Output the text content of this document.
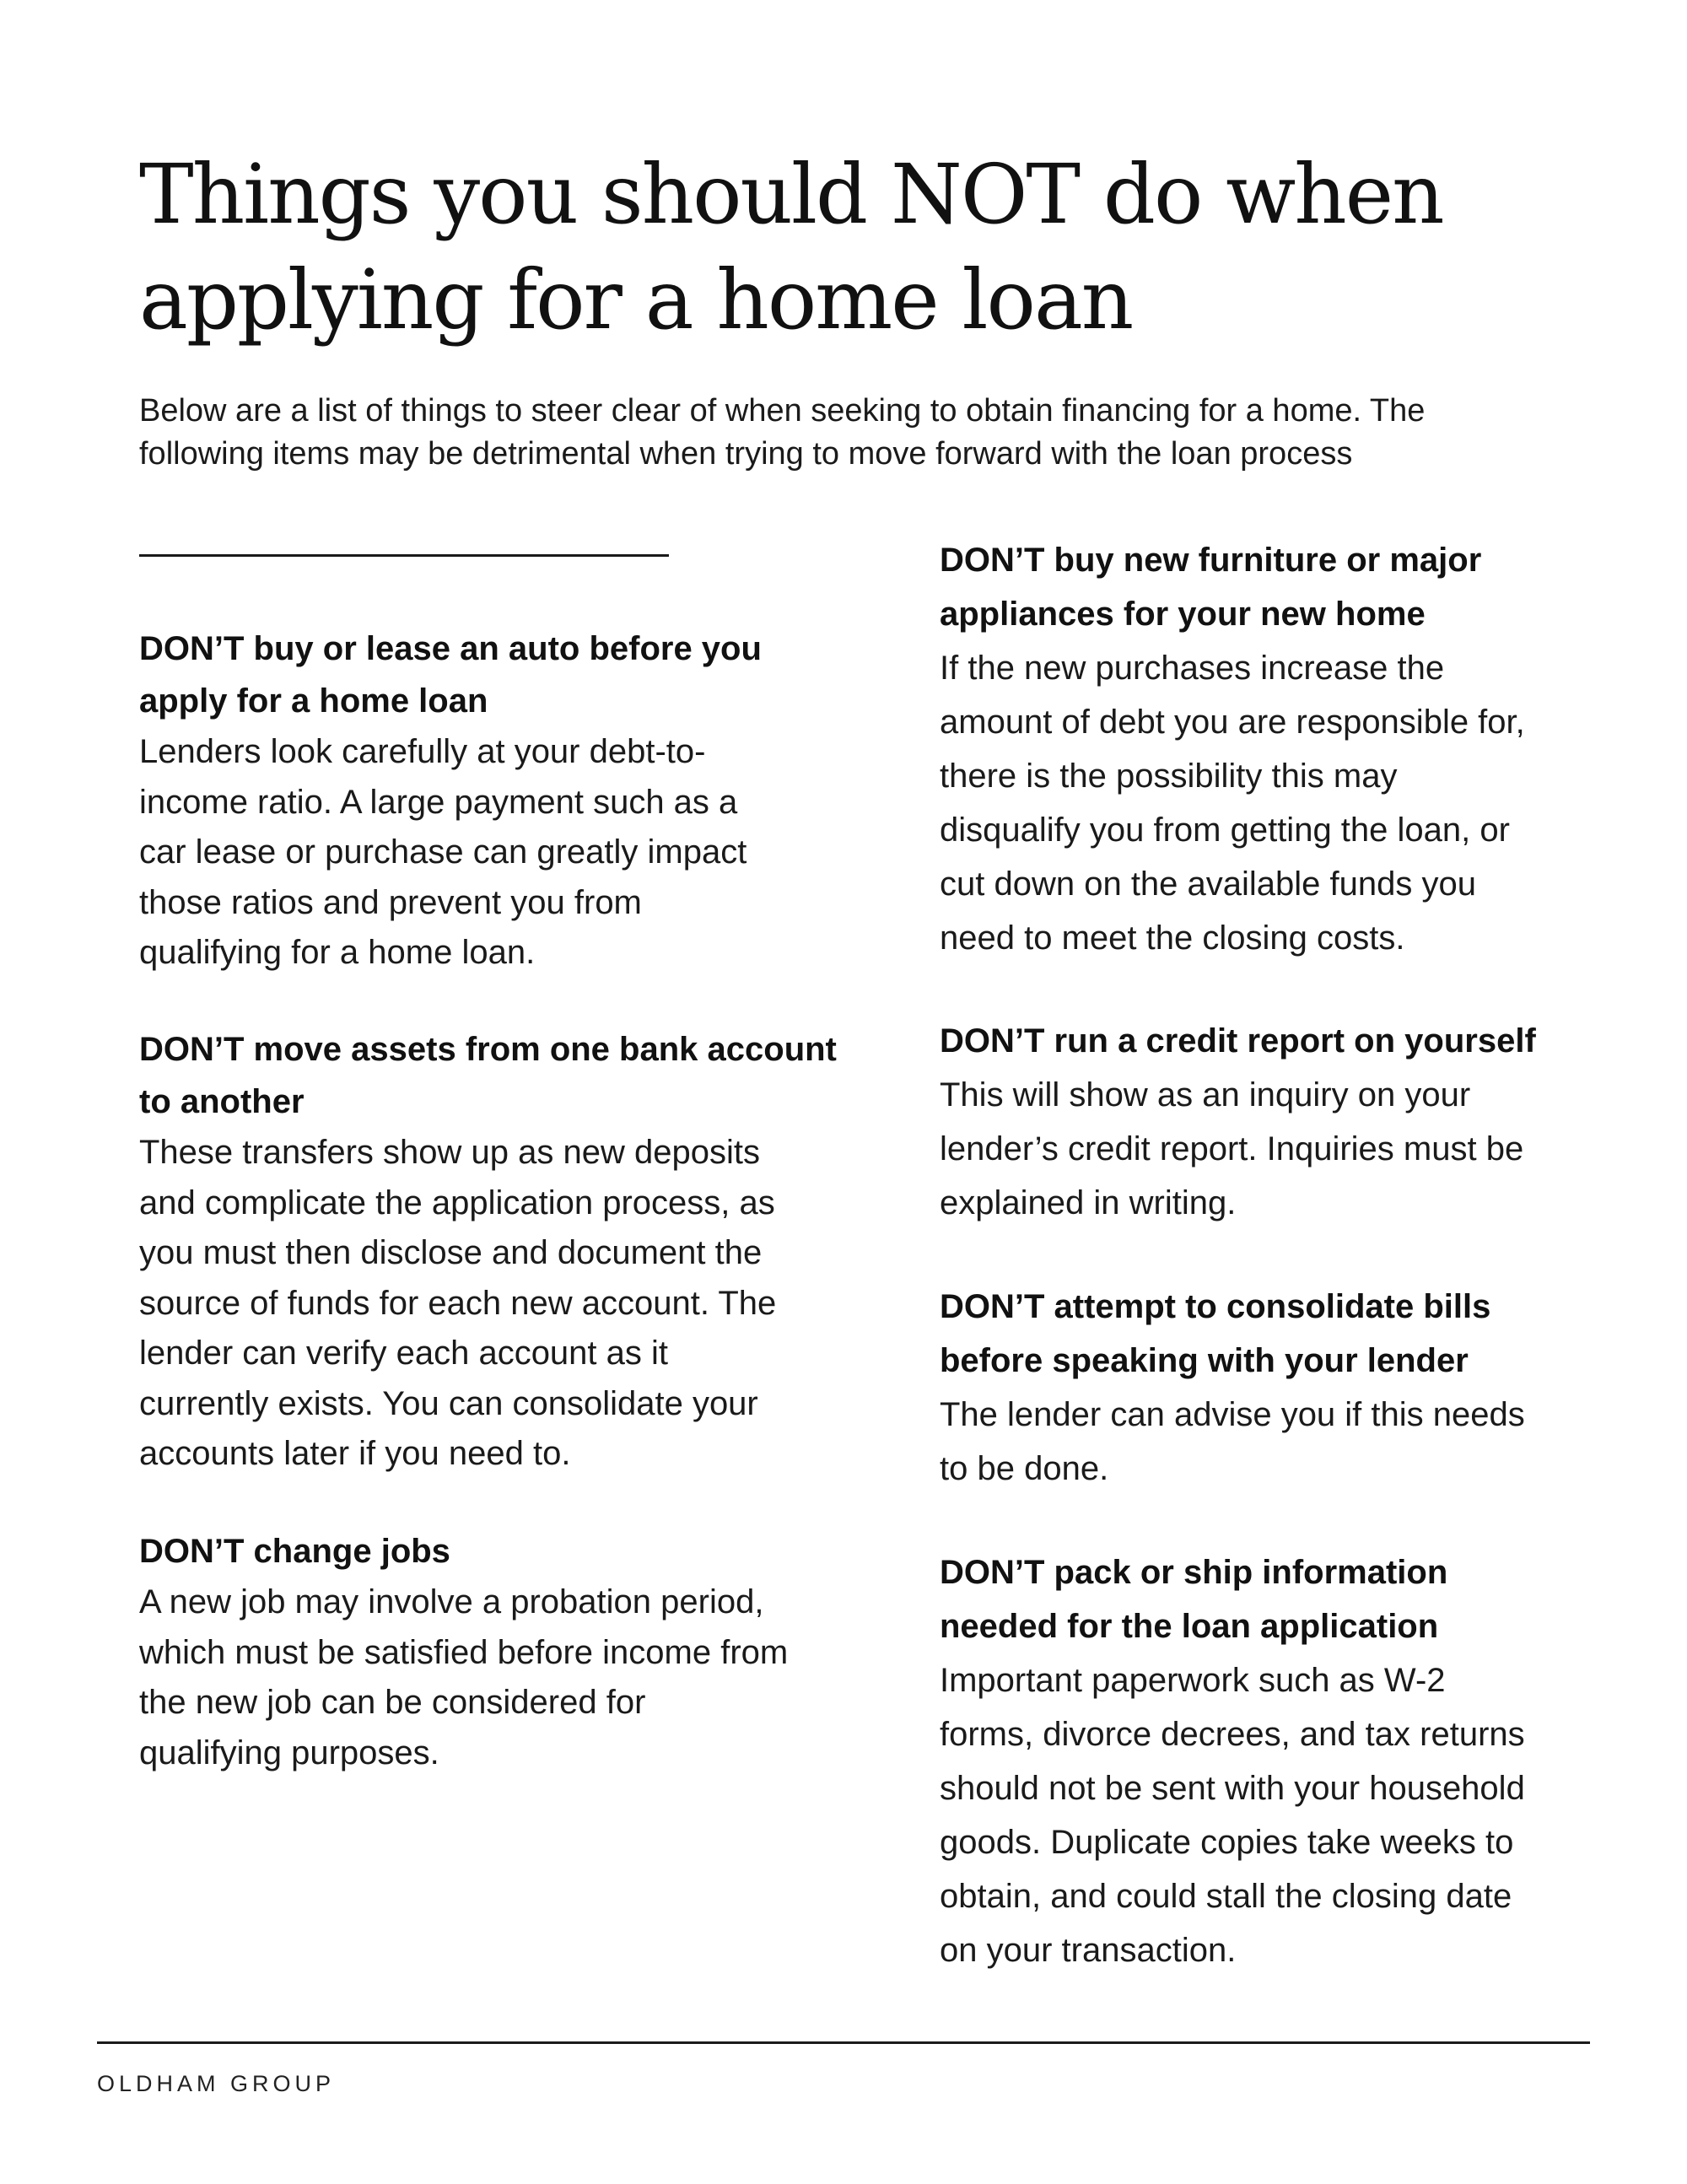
Things you should NOT do when
applying for a home loan

Below are a list of things to steer clear of when seeking to obtain financing for a home. The
following items may be detrimental when trying to move forward with the loan process

DON’T buy or lease an auto before you
apply for a home loan
Lenders look carefully at your debt-to-
income ratio. A large payment such as a
car lease or purchase can greatly impact
those ratios and prevent you from
qualifying for a home loan.
DON’T move assets from one bank account
to another
These transfers show up as new deposits
and complicate the application process, as
you must then disclose and document the
source of funds for each new account. The
lender can verify each account as it
currently exists. You can consolidate your
accounts later if you need to.
DON’T change jobs
A new job may involve a probation period,
which must be satisfied before income from
the new job can be considered for
qualifying purposes.
DON’T buy new furniture or major
appliances for your new home
If the new purchases increase the
amount of debt you are responsible for,
there is the possibility this may
disqualify you from getting the loan, or
cut down on the available funds you
need to meet the closing costs.
DON’T run a credit report on yourself
This will show as an inquiry on your
lender’s credit report. Inquiries must be
explained in writing.
DON’T attempt to consolidate bills
before speaking with your lender
The lender can advise you if this needs
to be done.
DON’T pack or ship information
needed for the loan application
Important paperwork such as W-2
forms, divorce decrees, and tax returns
should not be sent with your household
goods. Duplicate copies take weeks to
obtain, and could stall the closing date
on your transaction.
OLDHAM GROUP
